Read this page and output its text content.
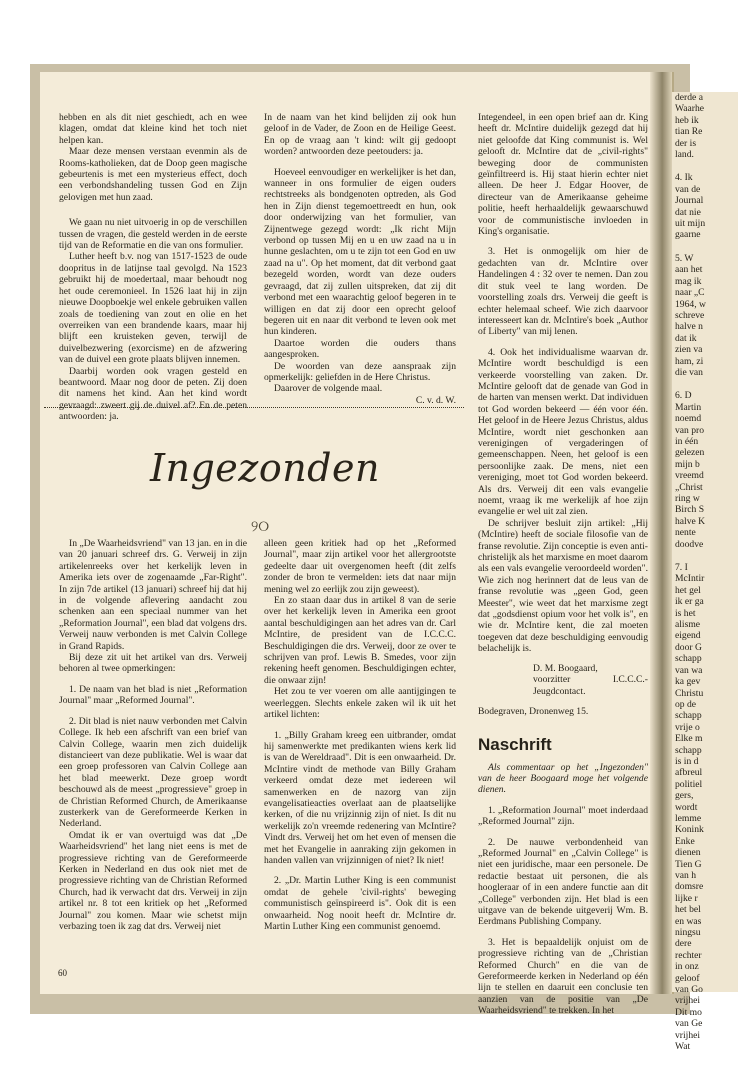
derde a
Waarhe
heb ik
tian Re
der is
land.
4. Ik
van de
Journal
dat nie
uit mijn
gaarne
5. W
aan het
mag ik
naar „C
1964, w
schreve
halve n
dat ik
zien va
ham, zi
die van
6. D
Martin
noemd
van pro
in één
gelezen
mijn b
vreemd
„Christ
ring w
Birch S
halve K
nente
doodve
7. I
McIntir
het gel
ik er ga
is het
alisme
eigend
door G
schapp
van wa
ka gev
Christu
op de
schapp
vrije o
Elke m
schapp
is in d
afbreul
politiel
gers,
wordt
lemme
Konink
Enke
dienen
Tien G
van h
domsre
lijke r
het bel
en was
ningsu
dere
rechter
in onz
geloof
van Go
vrijhei
Dit mo
van Ge
vrijhei
Wat

hebben en als dit niet geschiedt, ach en wee klagen, omdat dat kleine kind het toch niet helpen kan.

Maar deze mensen verstaan evenmin als de Rooms-katholieken, dat de Doop geen magische gebeurtenis is met een mysterieus effect, doch een verbondshandeling tussen God en Zijn gelovigen met hun zaad.

We gaan nu niet uitvoerig in op de verschillen tussen de vragen, die gesteld werden in de eerste tijd van de Reformatie en die van ons formulier.

Luther heeft b.v. nog van 1517-1523 de oude doopritus in de latijnse taal gevolgd. Na 1523 gebruikt hij de moedertaal, maar behoudt nog het oude ceremonieel. In 1526 laat hij in zijn nieuwe Doopboekje wel enkele gebruiken vallen zoals de toediening van zout en olie en het overreiken van een brandende kaars, maar hij blijft een kruisteken geven, terwijl de duivelbezwering (exorcisme) en de afzwering van de duivel een grote plaats blijven innemen.

Daarbij worden ook vragen gesteld en beantwoord. Maar nog door de peten. Zij doen dit namens het kind. Aan het kind wordt gevraagd: zweert gij de duivel af? En de peten antwoorden: ja.

In de naam van het kind belijden zij ook hun geloof in de Vader, de Zoon en de Heilige Geest. En op de vraag aan 't kind: wilt gij gedoopt worden? antwoorden deze peetouders: ja.

Hoeveel eenvoudiger en werkelijker is het dan, wanneer in ons formulier de eigen ouders rechtstreeks als bondgenoten optreden, als God hen in Zijn dienst tegemoettreedt en hun, ook door onderwijzing van het formulier, van Zijnentwege gezegd wordt: „Ik richt Mijn verbond op tussen Mij en u en uw zaad na u in hunne geslachten, om u te zijn tot een God en uw zaad na u". Op het moment, dat dit verbond gaat bezegeld worden, wordt van deze ouders gevraagd, dat zij zullen uitspreken, dat zij dit verbond met een waarachtig geloof begeren in te willigen en dat zij door een oprecht geloof begeren uit en naar dit verbond te leven ook met hun kinderen.

Daartoe worden die ouders thans aangesproken.

De woorden van deze aanspraak zijn opmerkelijk: geliefden in de Here Christus.

Daarover de volgende maal.

C. v. d. W.

Ingezonden
୨୦

In „De Waarheidsvriend" van 13 jan. en in die van 20 januari schreef drs. G. Verweij in zijn artikelenreeks over het kerkelijk leven in Amerika iets over de zogenaamde „Far-Right". In zijn 7de artikel (13 januari) schreef hij dat hij in de volgende aflevering aandacht zou schenken aan een speciaal nummer van het „Reformation Journal", een blad dat volgens drs. Verweij nauw verbonden is met Calvin College in Grand Rapids.

Bij deze zit uit het artikel van drs. Verweij behoren al twee opmerkingen:

1. De naam van het blad is niet „Reformation Journal" maar „Reformed Journal".

2. Dit blad is niet nauw verbonden met Calvin College. Ik heb een afschrift van een brief van Calvin College, waarin men zich duidelijk distancieert van deze publikatie. Wel is waar dat een groep professoren van Calvin College aan het blad meewerkt. Deze groep wordt beschouwd als de meest „progressieve" groep in de Christian Reformed Church, de Amerikaanse zusterkerk van de Gereformeerde Kerken in Nederland.

Omdat ik er van overtuigd was dat „De Waarheidsvriend" het lang niet eens is met de progressieve richting van de Gereformeerde Kerken in Nederland en dus ook niet met de progressieve richting van de Christian Reformed Church, had ik verwacht dat drs. Verweij in zijn artikel nr. 8 tot een kritiek op het „Reformed Journal" zou komen. Maar wie schetst mijn verbazing toen ik zag dat drs. Verweij niet

alleen geen kritiek had op het „Reformed Journal", maar zijn artikel voor het allergrootste gedeelte daar uit overgenomen heeft (dit zelfs zonder de bron te vermelden: iets dat naar mijn mening wel zo eerlijk zou zijn geweest).

En zo staan daar dus in artikel 8 van de serie over het kerkelijk leven in Amerika een groot aantal beschuldigingen aan het adres van dr. Carl McIntire, de president van de I.C.C.C. Beschuldigingen die drs. Verweij, door ze over te schrijven van prof. Lewis B. Smedes, voor zijn rekening heeft genomen. Beschuldigingen echter, die onwaar zijn!

Het zou te ver voeren om alle aantijgingen te weerleggen. Slechts enkele zaken wil ik uit het artikel lichten:

1. „Billy Graham kreeg een uitbrander, omdat hij samenwerkte met predikanten wiens kerk lid is van de Wereldraad". Dit is een onwaarheid. Dr. McIntire vindt de methode van Billy Graham verkeerd omdat deze met iedereen wil samenwerken en de nazorg van zijn evangelisatieacties overlaat aan de plaatselijke kerken, of die nu vrijzinnig zijn of niet. Is dit nu werkelijk zo'n vreemde redenering van McIntire? Vindt drs. Verweij het om het even of mensen die met het Evangelie in aanraking zijn gekomen in handen vallen van vrijzinnigen of niet? Ik niet!

2. „Dr. Martin Luther King is een communist omdat de gehele 'civil-rights' beweging communistisch geïnspireerd is". Ook dit is een onwaarheid. Nog nooit heeft dr. McIntire dr. Martin Luther King een communist genoemd.

Integendeel, in een open brief aan dr. King heeft dr. McIntire duidelijk gezegd dat hij niet geloofde dat King communist is. Wel gelooft dr. McIntire dat de „civil-rights" beweging door de communisten geïnfiltreerd is. Hij staat hierin echter niet alleen. De heer J. Edgar Hoover, de directeur van de Amerikaanse geheime politie, heeft herhaaldelijk gewaarschuwd voor de communistische invloeden in King's organisatie.

3. Het is onmogelijk om hier de gedachten van dr. McIntire over Handelingen 4 : 32 over te nemen. Dan zou dit stuk veel te lang worden. De voorstelling zoals drs. Verweij die geeft is echter helemaal scheef. Wie zich daarvoor interesseert kan dr. McIntire's boek „Author of Liberty" van mij lenen.

4. Ook het individualisme waarvan dr. McIntire wordt beschuldigd is een verkeerde voorstelling van zaken. Dr. McIntire gelooft dat de genade van God in de harten van mensen werkt. Dat individuen tot God worden bekeerd — één voor één. Het geloof in de Heere Jezus Christus, aldus McIntire, wordt niet geschonken aan verenigingen of vergaderingen of gemeenschappen. Neen, het geloof is een persoonlijke zaak. De mens, niet een vereniging, moet tot God worden bekeerd. Als drs. Verweij dit een vals evangelie noemt, vraag ik me werkelijk af hoe zijn evangelie er wel uit zal zien.

De schrijver besluit zijn artikel: „Hij (McIntire) heeft de sociale filosofie van de franse revolutie. Zijn conceptie is even anti-christelijk als het marxisme en moet daarom als een vals evangelie veroordeeld worden". Wie zich nog herinnert dat de leus van de franse revolutie was „geen God, geen Meester", wie weet dat het marxisme zegt dat „godsdienst opium voor het volk is", en wie dr. McIntire kent, die zal moeten toegeven dat deze beschuldiging eenvoudig belachelijk is.

D. M. Boogaard,

voorzitter I.C.C.C.-Jeugdcontact.

Bodegraven, Dronenweg 15.

Naschrift

Als commentaar op het „Ingezonden" van de heer Boogaard moge het volgende dienen.

1. „Reformation Journal" moet inderdaad „Reformed Journal" zijn.

2. De nauwe verbondenheid van „Reformed Journal" en „Calvin College" is niet een juridische, maar een personele. De redactie bestaat uit personen, die als hoogleraar of in een andere functie aan dit „College" verbonden zijn. Het blad is een uitgave van de bekende uitgeverij Wm. B. Eerdmans Publishing Company.

3. Het is bepaaldelijk onjuist om de progressieve richting van de „Christian Reformed Church" en die van de Gereformeerde kerken in Nederland op één lijn te stellen en daaruit een conclusie ten aanzien van de positie van „De Waarheidsvriend" te trekken. In het

60
